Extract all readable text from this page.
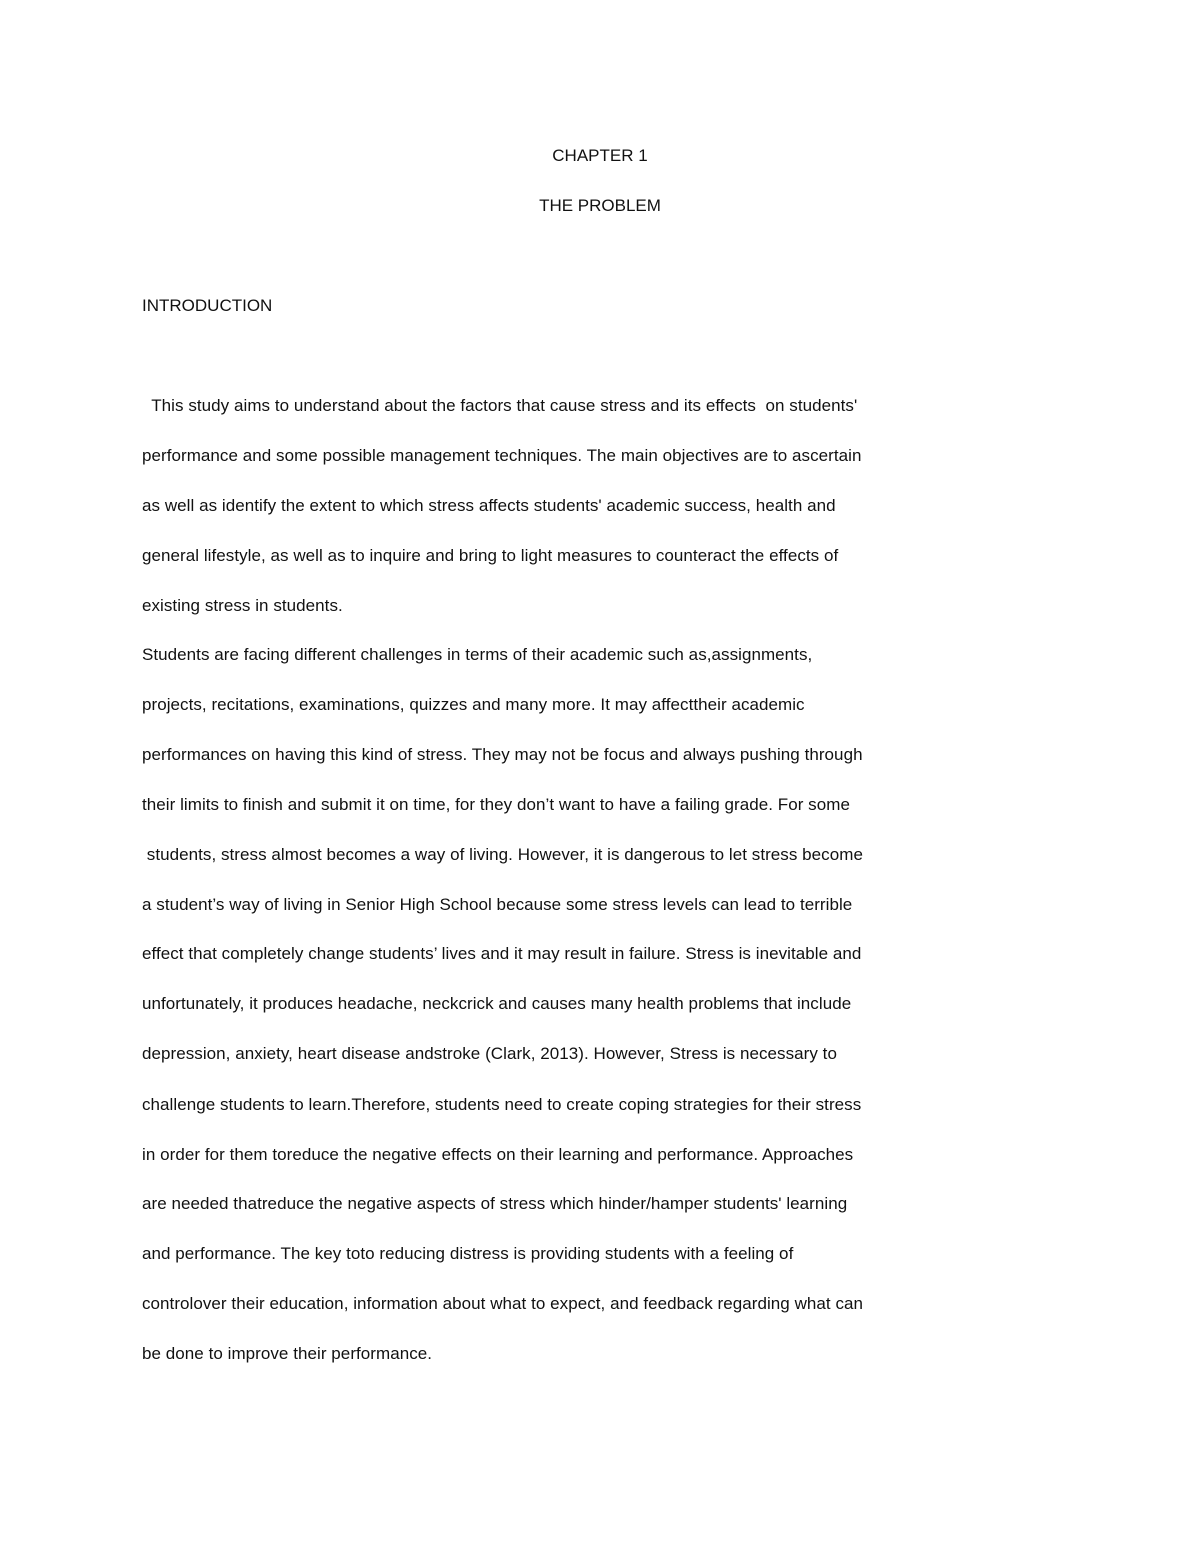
CHAPTER 1
THE PROBLEM
INTRODUCTION
This study aims to understand about the factors that cause stress and its effects  on students'
performance and some possible management techniques. The main objectives are to ascertain
as well as identify the extent to which stress affects students' academic success, health and
general lifestyle, as well as to inquire and bring to light measures to counteract the effects of
existing stress in students.
Students are facing different challenges in terms of their academic such as,assignments,
projects, recitations, examinations, quizzes and many more. It may affecttheir academic
performances on having this kind of stress. They may not be focus and always pushing through
their limits to finish and submit it on time, for they don’t want to have a failing grade. For some
students, stress almost becomes a way of living. However, it is dangerous to let stress become
a student’s way of living in Senior High School because some stress levels can lead to terrible
effect that completely change students’ lives and it may result in failure. Stress is inevitable and
unfortunately, it produces headache, neckcrick and causes many health problems that include
depression, anxiety, heart disease andstroke (Clark, 2013). However, Stress is necessary to
challenge students to learn.Therefore, students need to create coping strategies for their stress
in order for them toreduce the negative effects on their learning and performance. Approaches
are needed thatreduce the negative aspects of stress which hinder/hamper students' learning
and performance. The key toto reducing distress is providing students with a feeling of
controlover their education, information about what to expect, and feedback regarding what can
be done to improve their performance.
